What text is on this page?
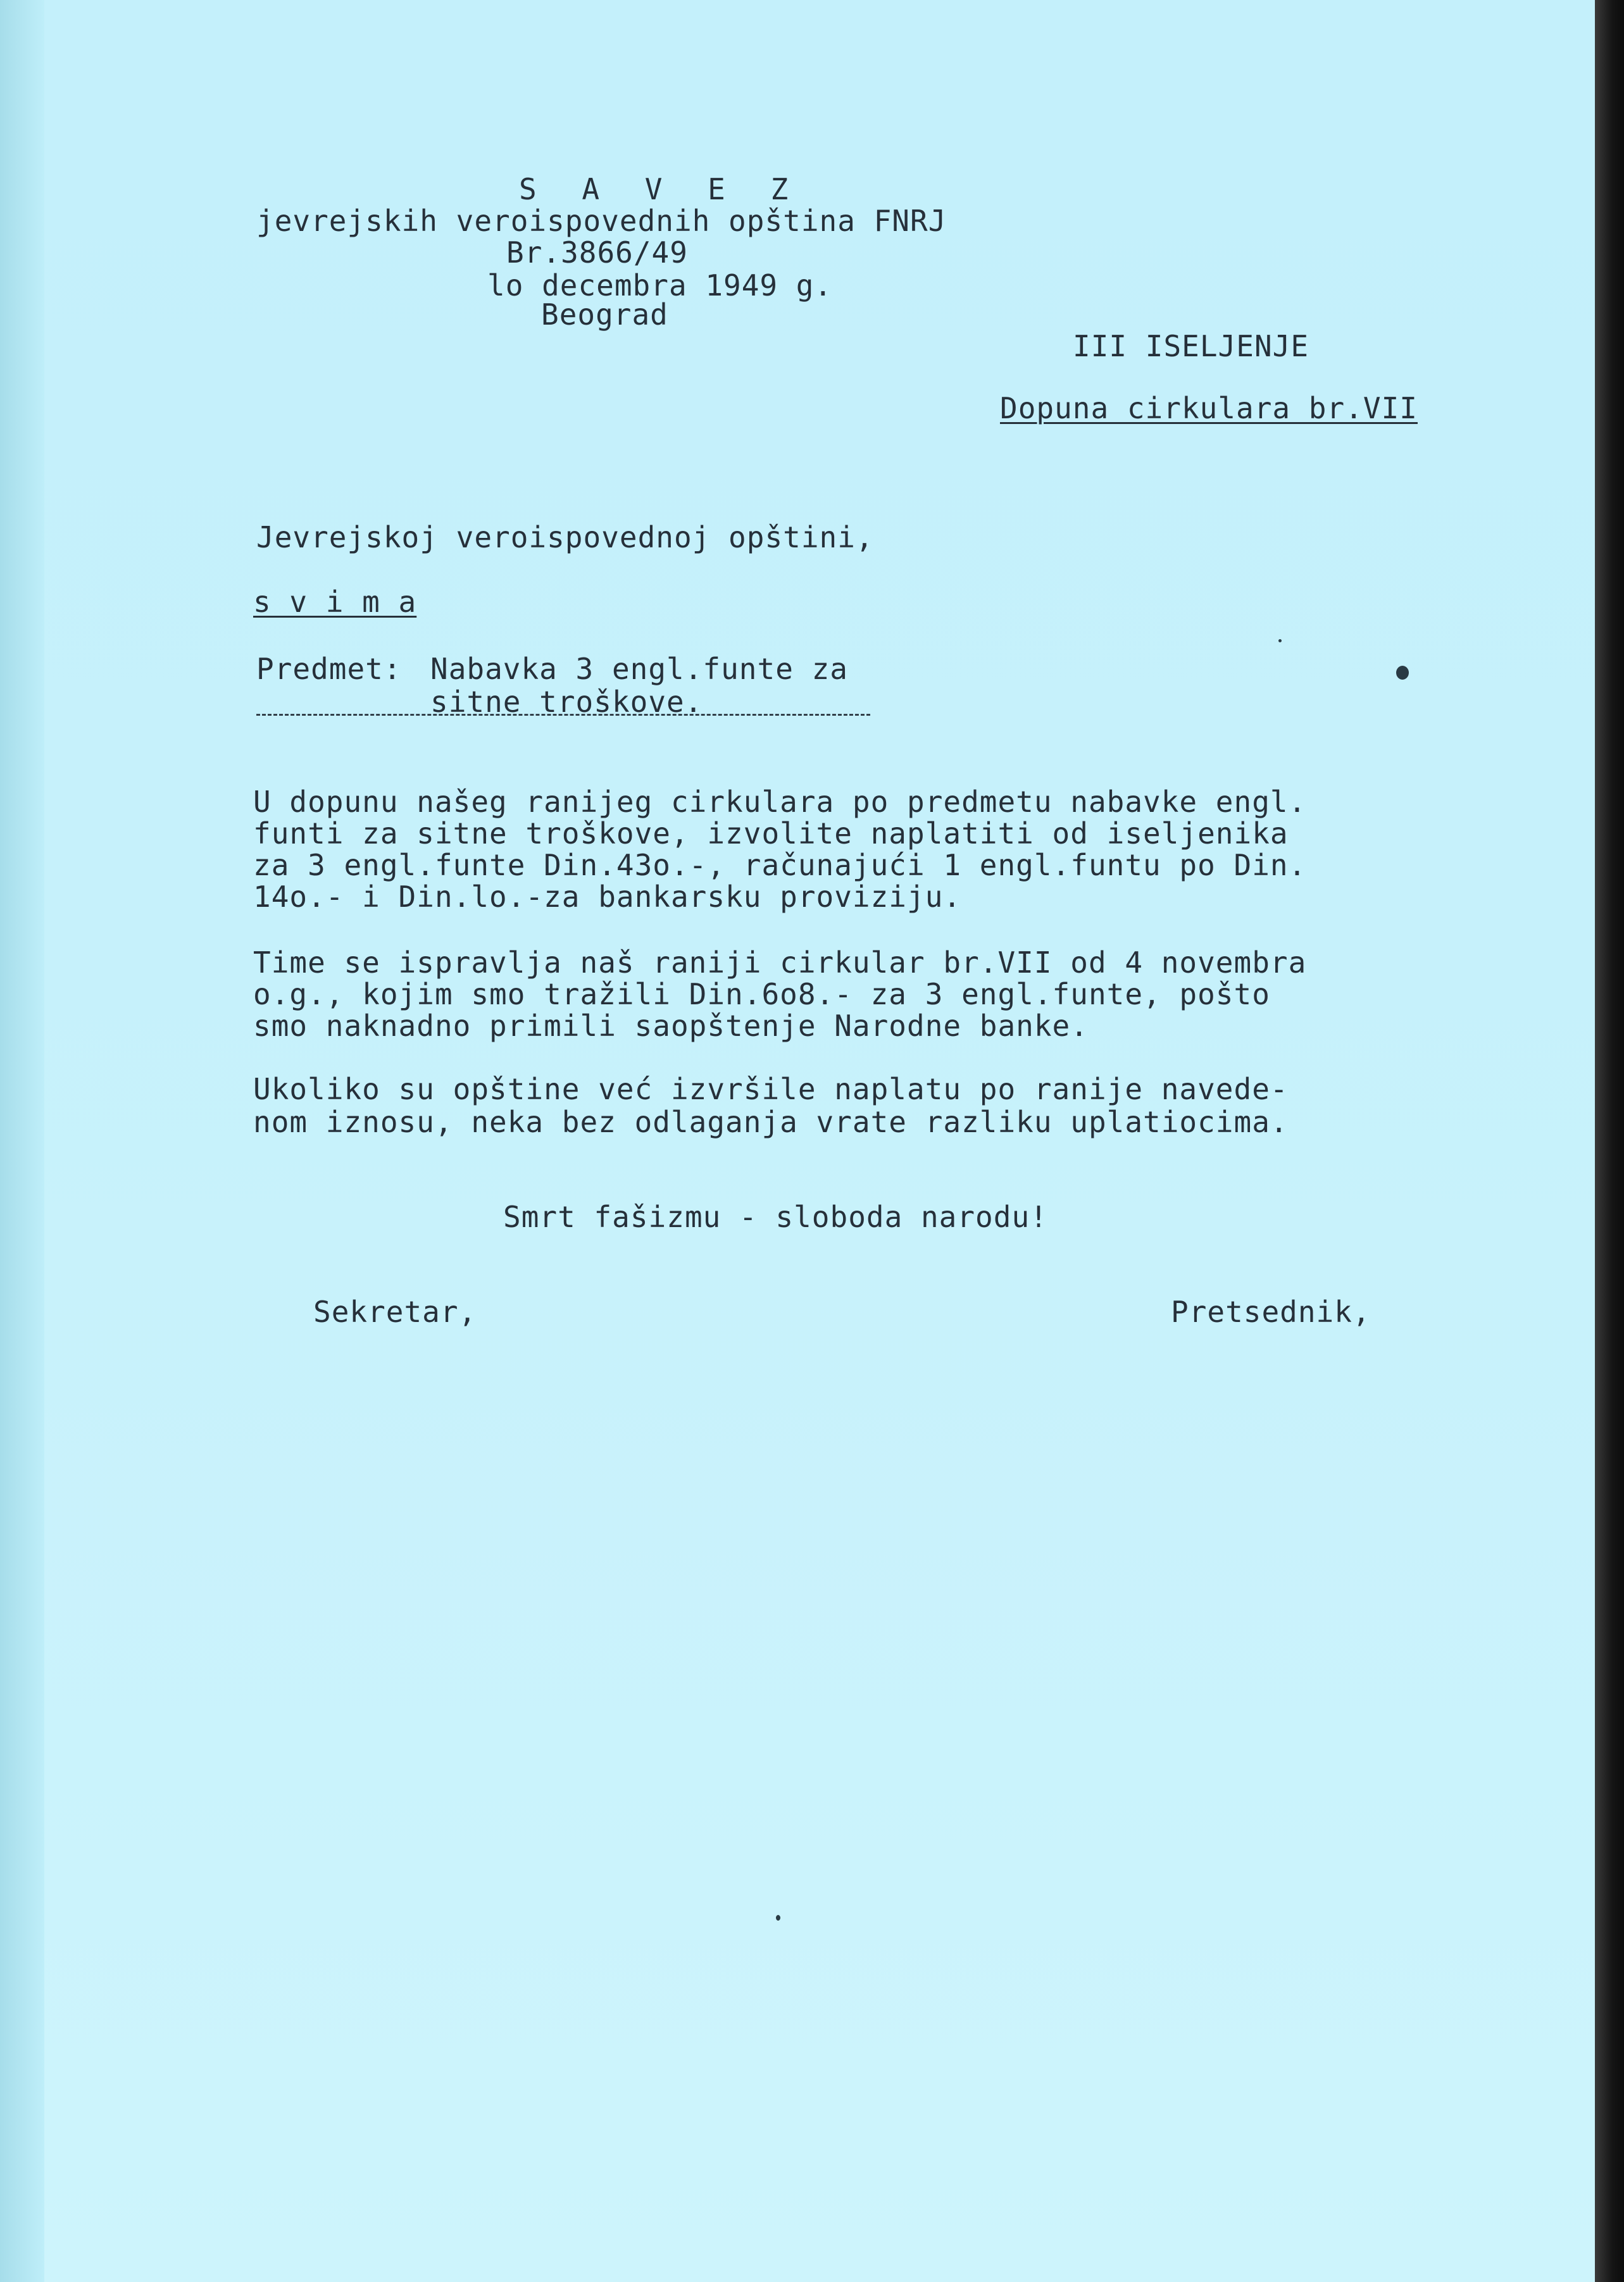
S A V E Z
jevrejskih veroispovednih opština FNRJ
Br.3866/49
lo decembra 1949 g.
Beograd
III ISELJENJE
Dopuna cirkulara br.VII
Jevrejskoj veroispovednoj opštini,
s v i m a
Predmet: Nabavka 3 engl.funte za
sitne troškove.
U dopunu našeg ranijeg cirkulara po predmetu nabavke engl.
funti za sitne troškove, izvolite naplatiti od iseljenika
za 3 engl.funte Din.43o.-, računajući 1 engl.funtu po Din.
14o.- i Din.lo.-za bankarsku proviziju.
Time se ispravlja naš raniji cirkular br.VII od 4 novembra
o.g., kojim smo tražili Din.6o8.- za 3 engl.funte, pošto
smo naknadno primili saopštenje Narodne banke.
Ukoliko su opštine već izvršile naplatu po ranije navede-
nom iznosu, neka bez odlaganja vrate razliku uplatiocima.
Smrt fašizmu - sloboda narodu!
Sekretar,	Pretsednik,
